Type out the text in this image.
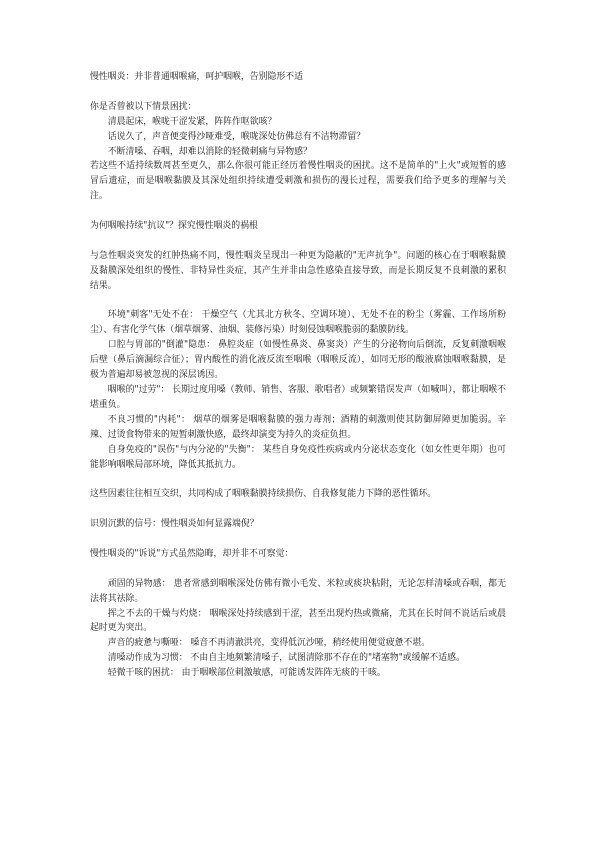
慢性咽炎：并非普通咽喉痛，呵护咽喉，告别隐形不适

你是否曾被以下情景困扰：

清晨起床，喉咙干涩发紧，阵阵作呕欲咳？

话说久了，声音便变得沙哑难受，喉咙深处仿佛总有不洁物滞留？

不断清嗓、吞咽，却难以消除的轻微刺痛与异物感？

若这些不适持续数周甚至更久，那么你很可能正经历着慢性咽炎的困扰。这不是简单的"上火"或短暂的感冒后遗症，而是咽喉黏膜及其深处组织持续遭受刺激和损伤的漫长过程，需要我们给予更多的理解与关注。

为何咽喉持续"抗议"？探究慢性咽炎的祸根

与急性咽炎突发的红肿热痛不同，慢性咽炎呈现出一种更为隐蔽的"无声抗争"。问题的核心在于咽喉黏膜及黏膜深处组织的慢性、非特异性炎症，其产生并非由急性感染直接导致，而是长期反复不良刺激的累积结果。

环境"刺客"无处不在： 干燥空气（尤其北方秋冬、空调环境）、无处不在的粉尘（雾霾、工作场所粉尘）、有害化学气体（烟草烟雾、油烟、装修污染）时刻侵蚀咽喉脆弱的黏膜防线。

口腔与胃部的"倒灌"隐患： 鼻腔炎症（如慢性鼻炎、鼻窦炎）产生的分泌物向后倒流，反复刺激咽喉后壁（鼻后滴漏综合征）；胃内酸性的消化液反流至咽喉（咽喉反流），如同无形的酸液腐蚀咽喉黏膜，是极为普遍却易被忽视的深层诱因。

咽喉的"过劳"： 长期过度用嗓（教师、销售、客服、歌唱者）或频繁错误发声（如喊叫），都让咽喉不堪重负。

不良习惯的"内耗"： 烟草的烟雾是咽喉黏膜的强力毒剂；酒精的刺激则使其防御屏障更加脆弱。辛辣、过烫食物带来的短暂刺激快感，最终却演变为持久的炎症负担。

自身免疫的"误伤"与内分泌的"失衡"： 某些自身免疫性疾病或内分泌状态变化（如女性更年期）也可能影响咽喉局部环境，降低其抵抗力。

这些因素往往相互交织，共同构成了咽喉黏膜持续损伤、自我修复能力下降的恶性循环。

识别沉默的信号：慢性咽炎如何显露端倪？

慢性咽炎的"诉说"方式虽然隐晦，却并非不可察觉：

顽固的异物感： 患者常感到咽喉深处仿佛有微小毛发、米粒或痰块粘附，无论怎样清嗓或吞咽，都无法将其祛除。

挥之不去的干燥与灼烧： 咽喉深处持续感到干涩，甚至出现灼热或微痛，尤其在长时间不说话后或晨起时更为突出。

声音的疲惫与嘶哑： 嗓音不再清澈洪亮，变得低沉沙哑，稍经使用便觉疲惫不堪。

清嗓动作成为习惯： 不由自主地频繁清嗓子，试图清除那不存在的"堵塞物"或缓解不适感。

轻微干咳的困扰： 由于咽喉部位刺激敏感，可能诱发阵阵无痰的干咳。
